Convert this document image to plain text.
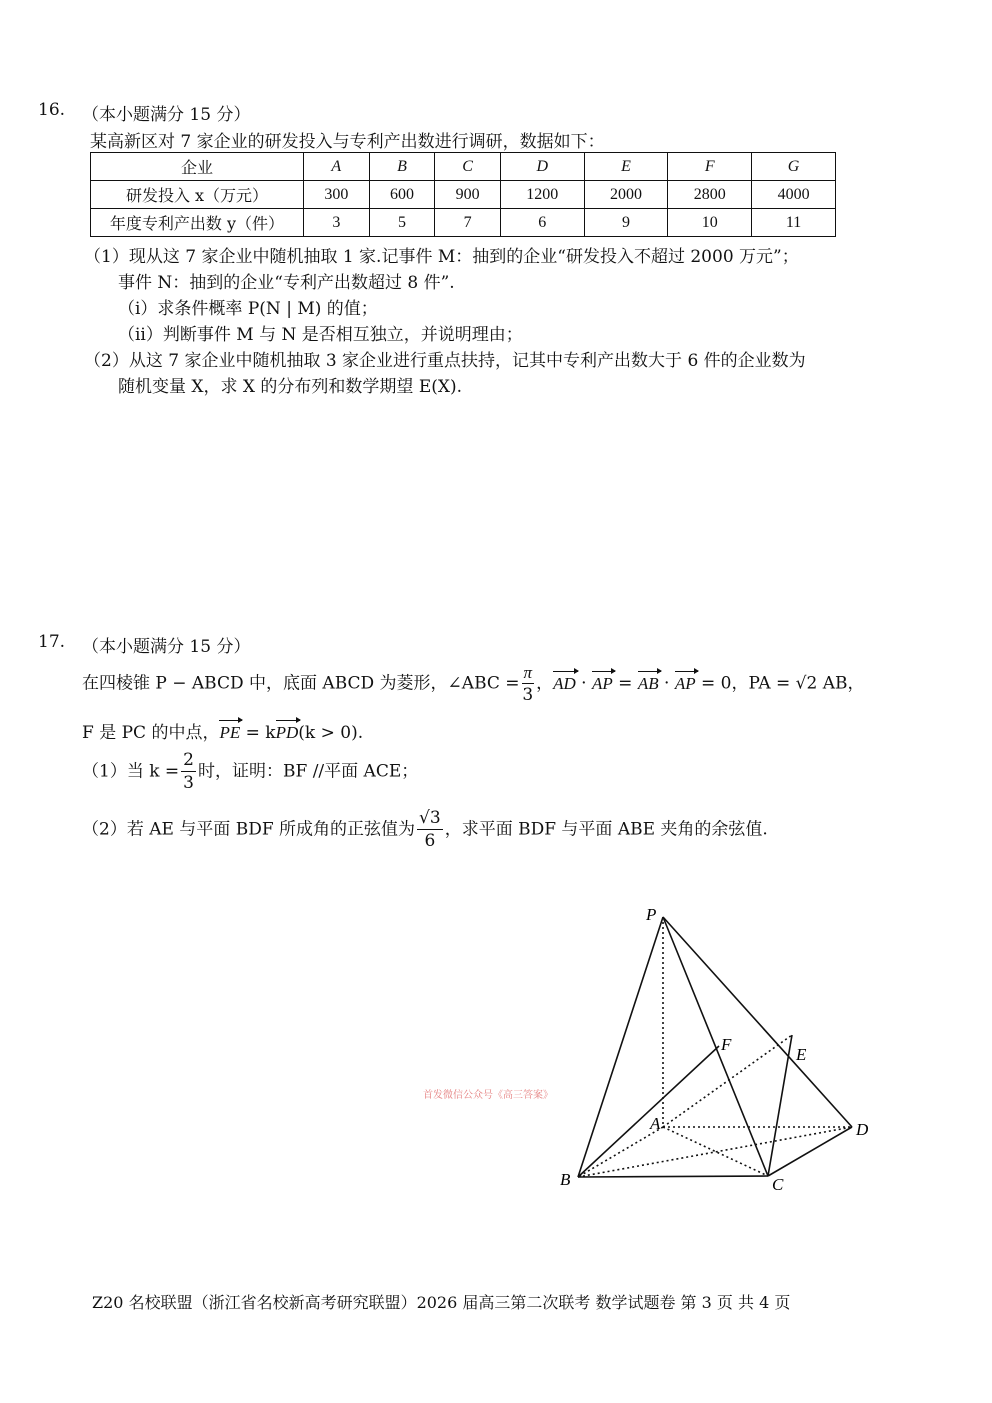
16. （本小题满分 15 分）
某高新区对 7 家企业的研发投入与专利产出数进行调研，数据如下：
企业	A	B	C	D	E	F	G
研发投入 x（万元）	300	600	900	1200	2000	2800	4000
年度专利产出数 y（件）	3	5	7	6	9	10	11
（1）现从这 7 家企业中随机抽取 1 家.记事件 M：抽到的企业“研发投入不超过 2000 万元”；
事件 N：抽到的企业“专利产出数超过 8 件”.
（i）求条件概率 P(N | M) 的值；
（ii）判断事件 M 与 N 是否相互独立，并说明理由；
（2）从这 7 家企业中随机抽取 3 家企业进行重点扶持，记其中专利产出数大于 6 件的企业数为
随机变量 X，求 X 的分布列和数学期望 E(X).
17. （本小题满分 15 分）
在四棱锥 P − ABCD 中，底面 ABCD 为菱形，∠ABC = $\frac{\pi}{3}$ ，AD · AP = AB · AP = 0，PA = √2 AB，
F 是 PC 的中点，PE = kPD(k > 0).
（1）当 $k = \frac{2}{3}$ 时，证明：BF //平面 ACE；
（2）若 AE 与平面 BDF 所成角的正弦值为 $\frac{√3}{6}$ ，求平面 BDF 与平面 ABE 夹角的余弦值.
P
F
E
A	D
B	C
首发微信公众号《高三答案》
Z20 名校联盟（浙江省名校新高考研究联盟）2026 届高三第二次联考 数学试题卷 第 3 页 共 4 页
